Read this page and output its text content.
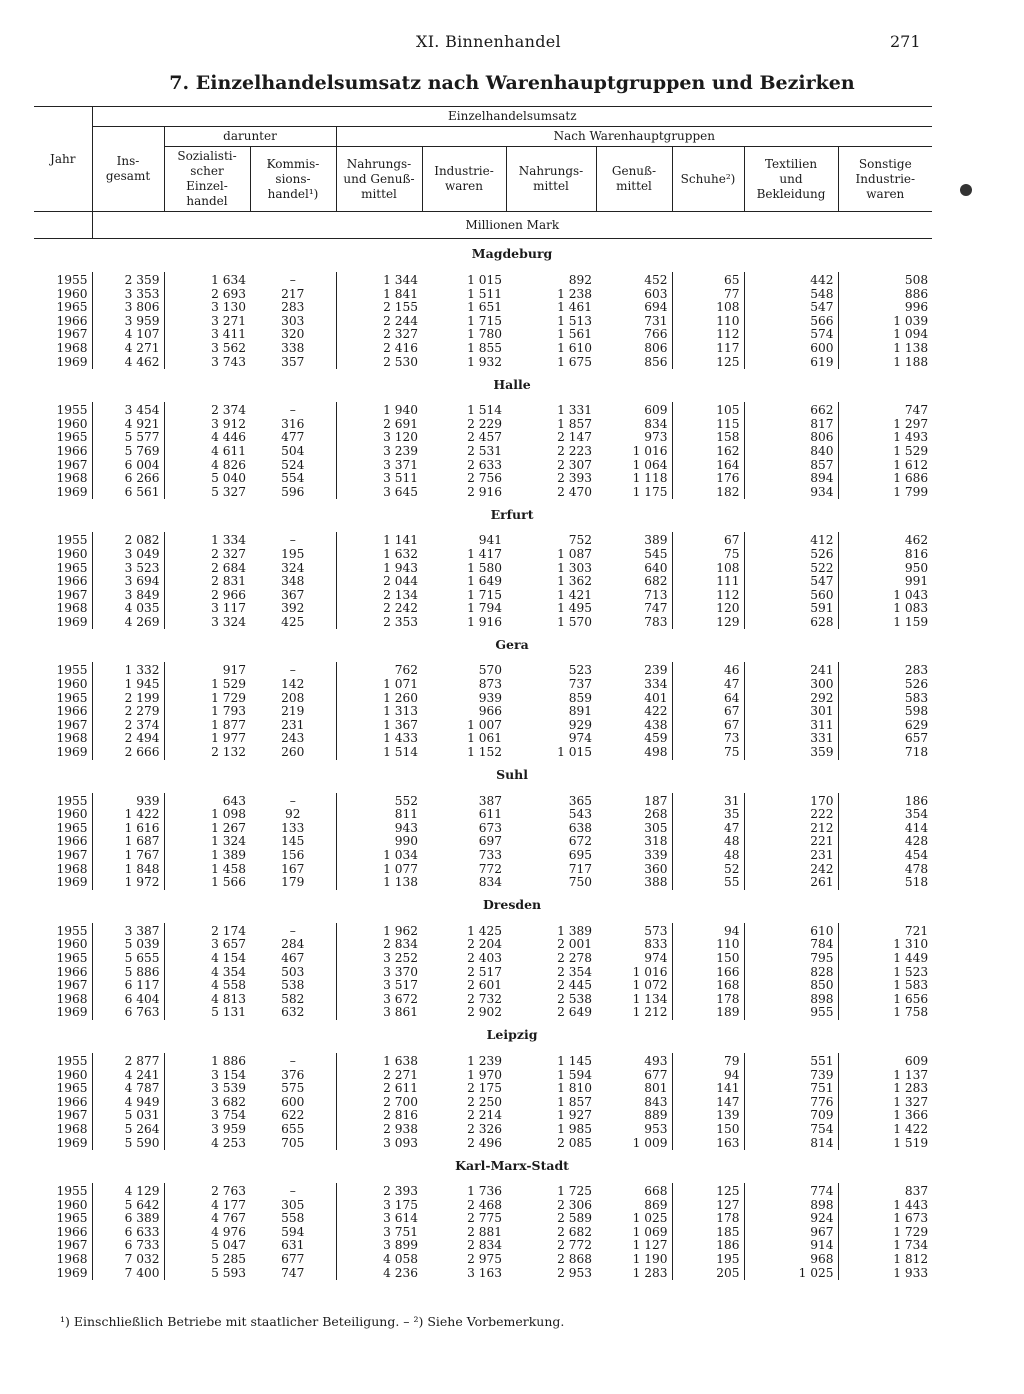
XI. Binnenhandel	271
7. Einzelhandelsumsatz nach Warenhauptgruppen und Bezirken
Jahr	Einzelhandelsumsatz									
	Ins-
gesamt	darunter		Nach Warenhauptgruppen						
		Sozialisti-
scher
Einzel-
handel	Kommis-
sions-
handel¹)	Nahrungs-
und Genuß-
mittel	Industrie-
waren	Nahrungs-
mittel	Genuß-
mittel	Schuhe²)	Textilien
und
Bekleidung	Sonstige
Industrie-
waren
	Millionen Mark									
	Magdeburg									

1955	2 359	1 634	–	1 344	1 015	892	452	65	442	508
1960	3 353	2 693	217	1 841	1 511	1 238	603	77	548	886
1965	3 806	3 130	283	2 155	1 651	1 461	694	108	547	996
1966	3 959	3 271	303	2 244	1 715	1 513	731	110	566	1 039
1967	4 107	3 411	320	2 327	1 780	1 561	766	112	574	1 094
1968	4 271	3 562	338	2 416	1 855	1 610	806	117	600	1 138
1969	4 462	3 743	357	2 530	1 932	1 675	856	125	619	1 188
	Halle									

1955	3 454	2 374	–	1 940	1 514	1 331	609	105	662	747
1960	4 921	3 912	316	2 691	2 229	1 857	834	115	817	1 297
1965	5 577	4 446	477	3 120	2 457	2 147	973	158	806	1 493
1966	5 769	4 611	504	3 239	2 531	2 223	1 016	162	840	1 529
1967	6 004	4 826	524	3 371	2 633	2 307	1 064	164	857	1 612
1968	6 266	5 040	554	3 511	2 756	2 393	1 118	176	894	1 686
1969	6 561	5 327	596	3 645	2 916	2 470	1 175	182	934	1 799
	Erfurt									

1955	2 082	1 334	–	1 141	941	752	389	67	412	462
1960	3 049	2 327	195	1 632	1 417	1 087	545	75	526	816
1965	3 523	2 684	324	1 943	1 580	1 303	640	108	522	950
1966	3 694	2 831	348	2 044	1 649	1 362	682	111	547	991
1967	3 849	2 966	367	2 134	1 715	1 421	713	112	560	1 043
1968	4 035	3 117	392	2 242	1 794	1 495	747	120	591	1 083
1969	4 269	3 324	425	2 353	1 916	1 570	783	129	628	1 159
	Gera									

1955	1 332	917	–	762	570	523	239	46	241	283
1960	1 945	1 529	142	1 071	873	737	334	47	300	526
1965	2 199	1 729	208	1 260	939	859	401	64	292	583
1966	2 279	1 793	219	1 313	966	891	422	67	301	598
1967	2 374	1 877	231	1 367	1 007	929	438	67	311	629
1968	2 494	1 977	243	1 433	1 061	974	459	73	331	657
1969	2 666	2 132	260	1 514	1 152	1 015	498	75	359	718
	Suhl									

1955	939	643	–	552	387	365	187	31	170	186
1960	1 422	1 098	92	811	611	543	268	35	222	354
1965	1 616	1 267	133	943	673	638	305	47	212	414
1966	1 687	1 324	145	990	697	672	318	48	221	428
1967	1 767	1 389	156	1 034	733	695	339	48	231	454
1968	1 848	1 458	167	1 077	772	717	360	52	242	478
1969	1 972	1 566	179	1 138	834	750	388	55	261	518
	Dresden									

1955	3 387	2 174	–	1 962	1 425	1 389	573	94	610	721
1960	5 039	3 657	284	2 834	2 204	2 001	833	110	784	1 310
1965	5 655	4 154	467	3 252	2 403	2 278	974	150	795	1 449
1966	5 886	4 354	503	3 370	2 517	2 354	1 016	166	828	1 523
1967	6 117	4 558	538	3 517	2 601	2 445	1 072	168	850	1 583
1968	6 404	4 813	582	3 672	2 732	2 538	1 134	178	898	1 656
1969	6 763	5 131	632	3 861	2 902	2 649	1 212	189	955	1 758
	Leipzig									

1955	2 877	1 886	–	1 638	1 239	1 145	493	79	551	609
1960	4 241	3 154	376	2 271	1 970	1 594	677	94	739	1 137
1965	4 787	3 539	575	2 611	2 175	1 810	801	141	751	1 283
1966	4 949	3 682	600	2 700	2 250	1 857	843	147	776	1 327
1967	5 031	3 754	622	2 816	2 214	1 927	889	139	709	1 366
1968	5 264	3 959	655	2 938	2 326	1 985	953	150	754	1 422
1969	5 590	4 253	705	3 093	2 496	2 085	1 009	163	814	1 519
	Karl-Marx-Stadt									

1955	4 129	2 763	–	2 393	1 736	1 725	668	125	774	837
1960	5 642	4 177	305	3 175	2 468	2 306	869	127	898	1 443
1965	6 389	4 767	558	3 614	2 775	2 589	1 025	178	924	1 673
1966	6 633	4 976	594	3 751	2 881	2 682	1 069	185	967	1 729
1967	6 733	5 047	631	3 899	2 834	2 772	1 127	186	914	1 734
1968	7 032	5 285	677	4 058	2 975	2 868	1 190	195	968	1 812
1969	7 400	5 593	747	4 236	3 163	2 953	1 283	205	1 025	1 933
¹) Einschließlich Betriebe mit staatlicher Beteiligung. – ²) Siehe Vorbemerkung.
